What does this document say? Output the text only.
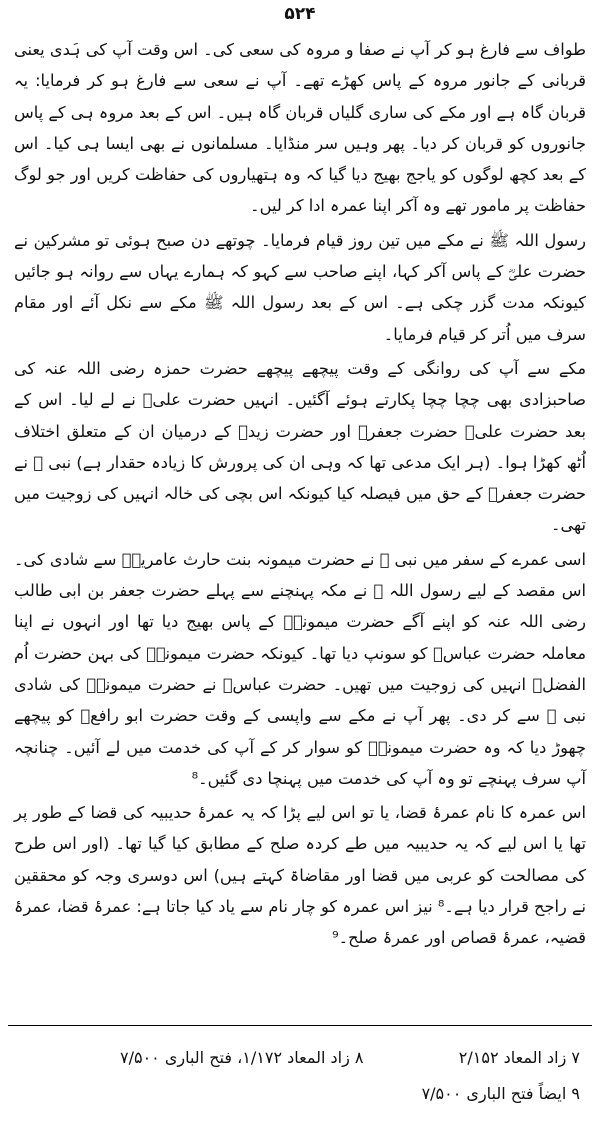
۵۲۴

طواف سے فارغ ہو کر آپ نے صفا و مروہ کی سعی کی۔ اس وقت آپ کی ہَدی یعنی قربانی کے جانور مروہ کے پاس کھڑے تھے۔ آپ نے سعی سے فارغ ہو کر فرمایا: یہ قربان گاہ ہے اور مکے کی ساری گلیاں قربان گاہ ہیں۔ اس کے بعد مروہ ہی کے پاس جانوروں کو قربان کر دیا۔ پھر وہیں سر منڈایا۔ مسلمانوں نے بھی ایسا ہی کیا۔ اس کے بعد کچھ لوگوں کو یاجج بھیج دیا گیا کہ وہ ہتھیاروں کی حفاظت کریں اور جو لوگ حفاظت پر مامور تھے وہ آکر اپنا عمرہ ادا کر لیں۔

رسول اللہ ﷺ نے مکے میں تین روز قیام فرمایا۔ چوتھے دن صبح ہوئی تو مشرکین نے حضرت علیؓ کے پاس آکر کہا، اپنے صاحب سے کہو کہ ہمارے یہاں سے روانہ ہو جائیں کیونکہ مدت گزر چکی ہے۔ اس کے بعد رسول اللہ ﷺ مکے سے نکل آئے اور مقام سرف میں اُتر کر قیام فرمایا۔

مکے سے آپ کی روانگی کے وقت پیچھے پیچھے حضرت حمزہ رضی اللہ عنہ کی صاحبزادی بھی چچا چچا پکارتے ہوئے آگئیں۔ انہیں حضرت علیؓ نے لے لیا۔ اس کے بعد حضرت علیؓ حضرت جعفرؓ اور حضرت زیدؓ کے درمیان ان کے متعلق اختلاف اُٹھ کھڑا ہوا۔ (ہر ایک مدعی تھا کہ وہی ان کی پرورش کا زیادہ حقدار ہے) نبی ﷺ نے حضرت جعفرؓ کے حق میں فیصلہ کیا کیونکہ اس بچی کی خالہ انہیں کی زوجیت میں تھی۔

اسی عمرے کے سفر میں نبی ﷺ نے حضرت میمونہ بنت حارث عامریہؓ سے شادی کی۔ اس مقصد کے لیے رسول اللہ ﷺ نے مکہ پہنچنے سے پہلے حضرت جعفر بن ابی طالب رضی اللہ عنہ کو اپنے آگے حضرت میمونہؓ کے پاس بھیج دیا تھا اور انہوں نے اپنا معاملہ حضرت عباسؓ کو سونپ دیا تھا۔ کیونکہ حضرت میمونہؓ کی بہن حضرت اُم الفضلؓ انہیں کی زوجیت میں تھیں۔ حضرت عباسؓ نے حضرت میمونہؓ کی شادی نبی ﷺ سے کر دی۔ پھر آپ نے مکے سے واپسی کے وقت حضرت ابو رافعؓ کو پیچھے چھوڑ دیا کہ وہ حضرت میمونہؓ کو سوار کر کے آپ کی خدمت میں لے آئیں۔ چنانچہ آپ سرف پہنچے تو وہ آپ کی خدمت میں پہنچا دی گئیں۔⁸

اس عمرہ کا نام عمرۂ قضا، یا تو اس لیے پڑا کہ یہ عمرۂ حدیبیہ کی قضا کے طور پر تھا یا اس لیے کہ یہ حدیبیہ میں طے کردہ صلح کے مطابق کیا گیا تھا۔ (اور اس طرح کی مصالحت کو عربی میں قضا اور مقاضاۃ کہتے ہیں) اس دوسری وجہ کو محققین نے راجح قرار دیا ہے۔⁸ نیز اس عمرہ کو چار نام سے یاد کیا جاتا ہے: عمرۂ قضا، عمرۂ قضیہ، عمرۂ قصاص اور عمرۂ صلح۔⁹

۷ زاد المعاد ۲/۱۵۲
۸ زاد المعاد ۱/۱۷۲، فتح الباری ۷/۵۰۰
۹ ایضاً فتح الباری ۷/۵۰۰
